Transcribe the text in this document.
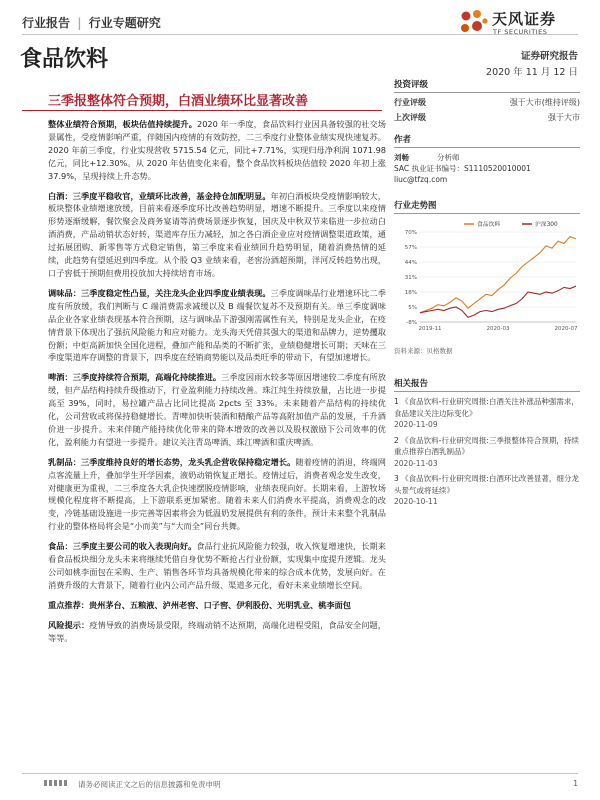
行业报告 | 行业专题研究	天风证券
TF SECURITIES
食品饮料	证券研究报告
2020 年 11 月 12 日
三季报整体符合预期，白酒业绩环比显著改善

整体业绩符合预期，板块估值持续提升。2020 年一季度，食品饮料行业因具备较强的社交场景属性，受疫情影响严重，伴随国内疫情的有效防控，二三季度行业整体业绩实现快速复苏。2020 年前三季度，行业实现营收 5715.54 亿元，同比+7.71%，实现归母净利润 1071.98 亿元，同比+12.30%。从 2020 年估值变化来看，整个食品饮料板块估值较 2020 年初上涨 37.9%，呈现持续上升态势。

白酒：三季度平稳收官，业绩环比改善，基金持仓加配明显。年初白酒板块受疫情影响较大，板块整体业绩增速放缓，目前来看逐季度环比改善趋势明显，增速不断提升。三季度以来疫情形势逐渐缓解，餐饮聚会及商务宴请等消费场景逐步恢复，国庆及中秋双节来临进一步拉动白酒消费，产品动销状态好转，渠道库存压力减轻，加之各白酒企业应对疫情调整渠道政策，通过拓展团购、新零售等方式稳定销售，第三季度来看业绩回升趋势明显，随着消费热情的延续，此趋势有望延迟到四季度。从个股 Q3 业绩来看，老窖汾酒超预期，洋河反转趋势出现，口子窖低于预期但费用投放加大持续培育市场。

调味品：三季度稳定性凸显，关注龙头企业四季度业绩表现。三季度调味品行业增速环比二季度有所放缓，我们判断与 C 端消费需求减缓以及 B 端餐饮复苏不及预期有关。单三季度调味品企业各家业绩表现基本符合预期，这与调味品下游强刚需属性有关，特别是龙头企业，在疫情背景下体现出了强抗风险能力和应对能力。龙头海天凭借其强大的渠道和品牌力，逆势攫取份额；中炬高新加快全国化进程，叠加产能和品类的不断扩张，业绩稳健增长可期；天味在三季度渠道库存调整的背景下，四季度在经销商势能以及品类旺季的带动下，有望加速增长。

啤酒：三季度持续符合预期，高端化持续推进。三季度因雨水较多等原因增速较二季度有所放缓，但产品结构持续升级推动下，行业盈利能力持续改善。珠江纯生持续放量，占比进一步提高至 39%，同时，易拉罐产品占比同比提高 2pcts 至 33%。未来随着产品结构的持续优化，公司营收或将保持稳健增长。青啤加快听装酒和精酿产品等高附加值产品的发展，千升酒价进一步提升。未来伴随产能持续优化带来的降本增效的改善以及股权激励下公司效率的优化，盈利能力有望进一步提升。建议关注青岛啤酒、珠江啤酒和重庆啤酒。

乳制品：三季度维持良好的增长态势，龙头乳企营收保持稳定增长。随着疫情的消退，终端网点客流量上升，叠加学生开学因素，液奶动销恢复正增长。疫情过后，消费者观念发生改变，对健康更为重视，二三季度各大乳企快速摆脱疫情影响，业绩表现向好。长期来看，上游牧场规模化程度将不断提高，上下游联系更加紧密。随着未来人们消费水平提高，消费观念的改变，冷链基础设施进一步完善等因素将会为低温奶发展提供有利的条件，预计未来整个乳制品行业的整体格局将会是“小而美”与“大而全”同台共舞。

食品：三季度主要公司的收入表现向好。食品行业抗风险能力较强，收入恢复增速快，长期来看食品板块细分龙头未来将继续凭借自身优势不断抢占行业份额，实现集中度提升逻辑。龙头公司如桃李面包在采购、生产、销售各环节均具备规模化带来的综合成本优势，发展向好。在消费升级的大背景下，随着行业内公司产品升级、渠道多元化，看好未来业绩增长空间。

重点推荐：贵州茅台、五粮液、泸州老窖、口子窖、伊利股份、光明乳业、桃李面包

风险提示：疫情导致的消费场景受限，终端动销不达预期，高端化进程受阻，食品安全问题，等等。

投资评级
行业评级	强于大市(维持评级)
上次评级	强于大市
作者
刘畅	分析师
SAC 执业证书编号：S1110520010001
liuc@tfzq.com
行业走势图
-8%
5%
18%
31%
44%
57%
70%
2019-11	2020-03	2020-07
食品饮料	沪深300
资料来源：贝格数据
相关报告
1 《食品饮料-行业研究周报:白酒关注补涨品种强需求，食品建议关注边际变化》
2020-11-09
2 《食品饮料-行业研究周报:三季报整体符合预期，持续重点推荐白酒乳制品》
2020-11-03
3 《食品饮料-行业研究周报:白酒环比改善显著，细分龙头景气或将延续》
2020-10-11
请务必阅读正文之后的信息披露和免责申明	1
